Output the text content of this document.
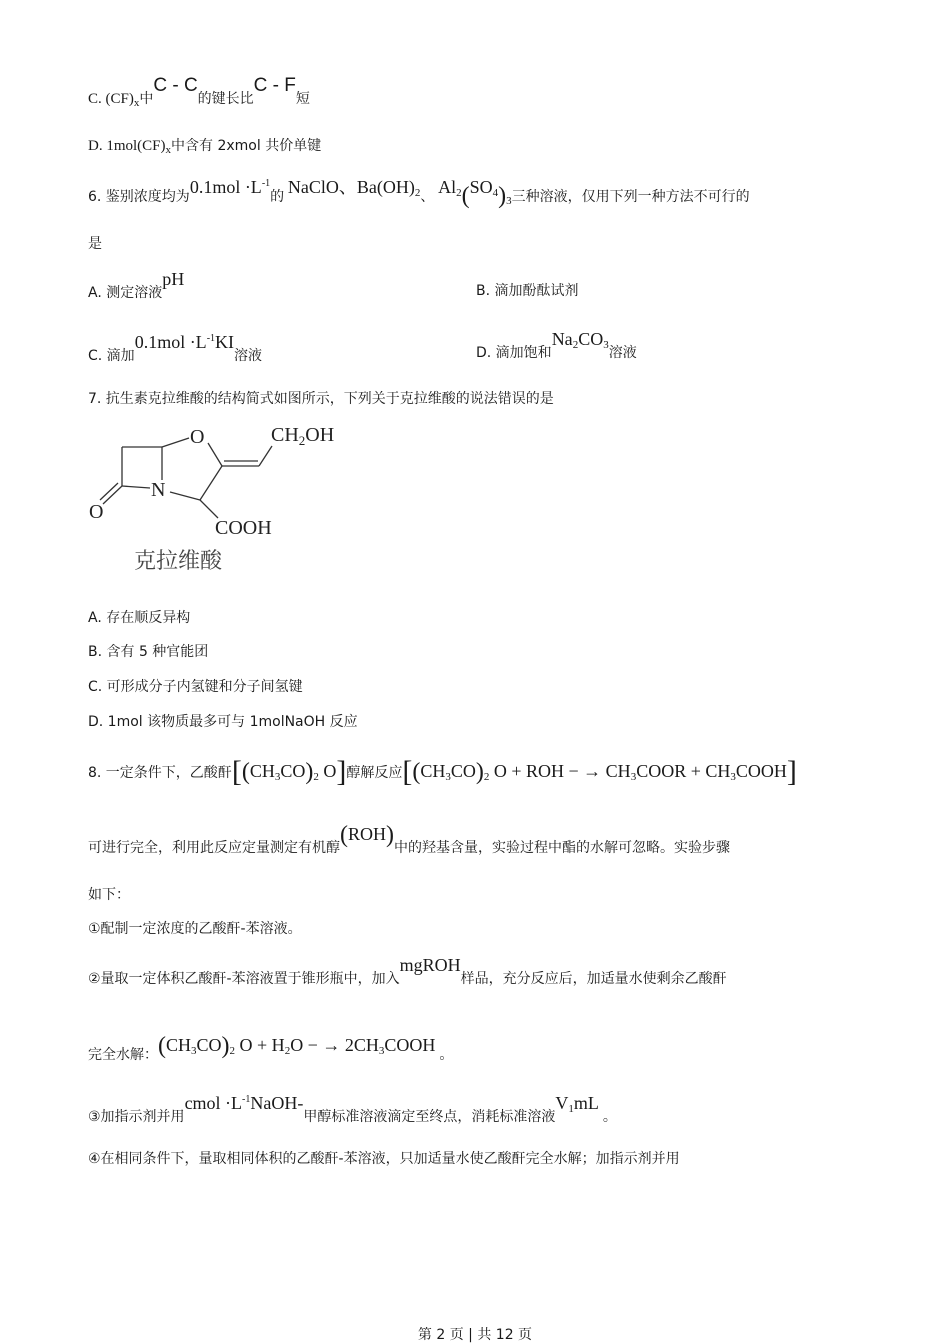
C. $(CF)_x$中C - C的键长比C - F短
D. $1mol(CF)_x$中含有 2xmol 共价单键
6. 鉴别浓度均为$0.1mol \cdot L^{-1}$的 NaClO、$Ba(OH)_2$、 $Al_2(SO_4)_3$三种溶液，仅用下列一种方法不可行的
是
A. 测定溶液pH
B. 滴加酚酞试剂
C. 滴加$0.1mol \cdot L^{-1}KI$溶液	D. 滴加饱和$Na_2CO_3$溶液
7. 抗生素克拉维酸的结构简式如图所示，下列关于克拉维酸的说法错误的是
O
N
O
$CH_2OH$
COOH
克拉维酸
A. 存在顺反异构
B. 含有 5 种官能团
C. 可形成分子内氢键和分子间氢键
D. 1mol 该物质最多可与 1molNaOH 反应
8. 一定条件下，乙酸酐[$(CH_3CO)_2$ O]醇解反应[$(CH_3CO)_2$ O + ROH − → $CH_3COOR$ + $CH_3COOH$]
可进行完全，利用此反应定量测定有机醇(ROH)中的羟基含量，实验过程中酯的水解可忽略。实验步骤
如下：
①配制一定浓度的乙酸酐-苯溶液。
②量取一定体积乙酸酐-苯溶液置于锥形瓶中，加入mgROH样品，充分反应后，加适量水使剩余乙酸酐
完全水解：$(CH_3CO)_2$ $O + H_2O$ − → $2CH_3COOH$ 。
③加指示剂并用cmol $\cdot L^{-1}NaOH-$甲醇标准溶液滴定至终点，消耗标准溶液$V_1mL$。
④在相同条件下，量取相同体积的乙酸酐-苯溶液，只加适量水使乙酸酐完全水解；加指示剂并用
第 2 页 | 共 12 页
